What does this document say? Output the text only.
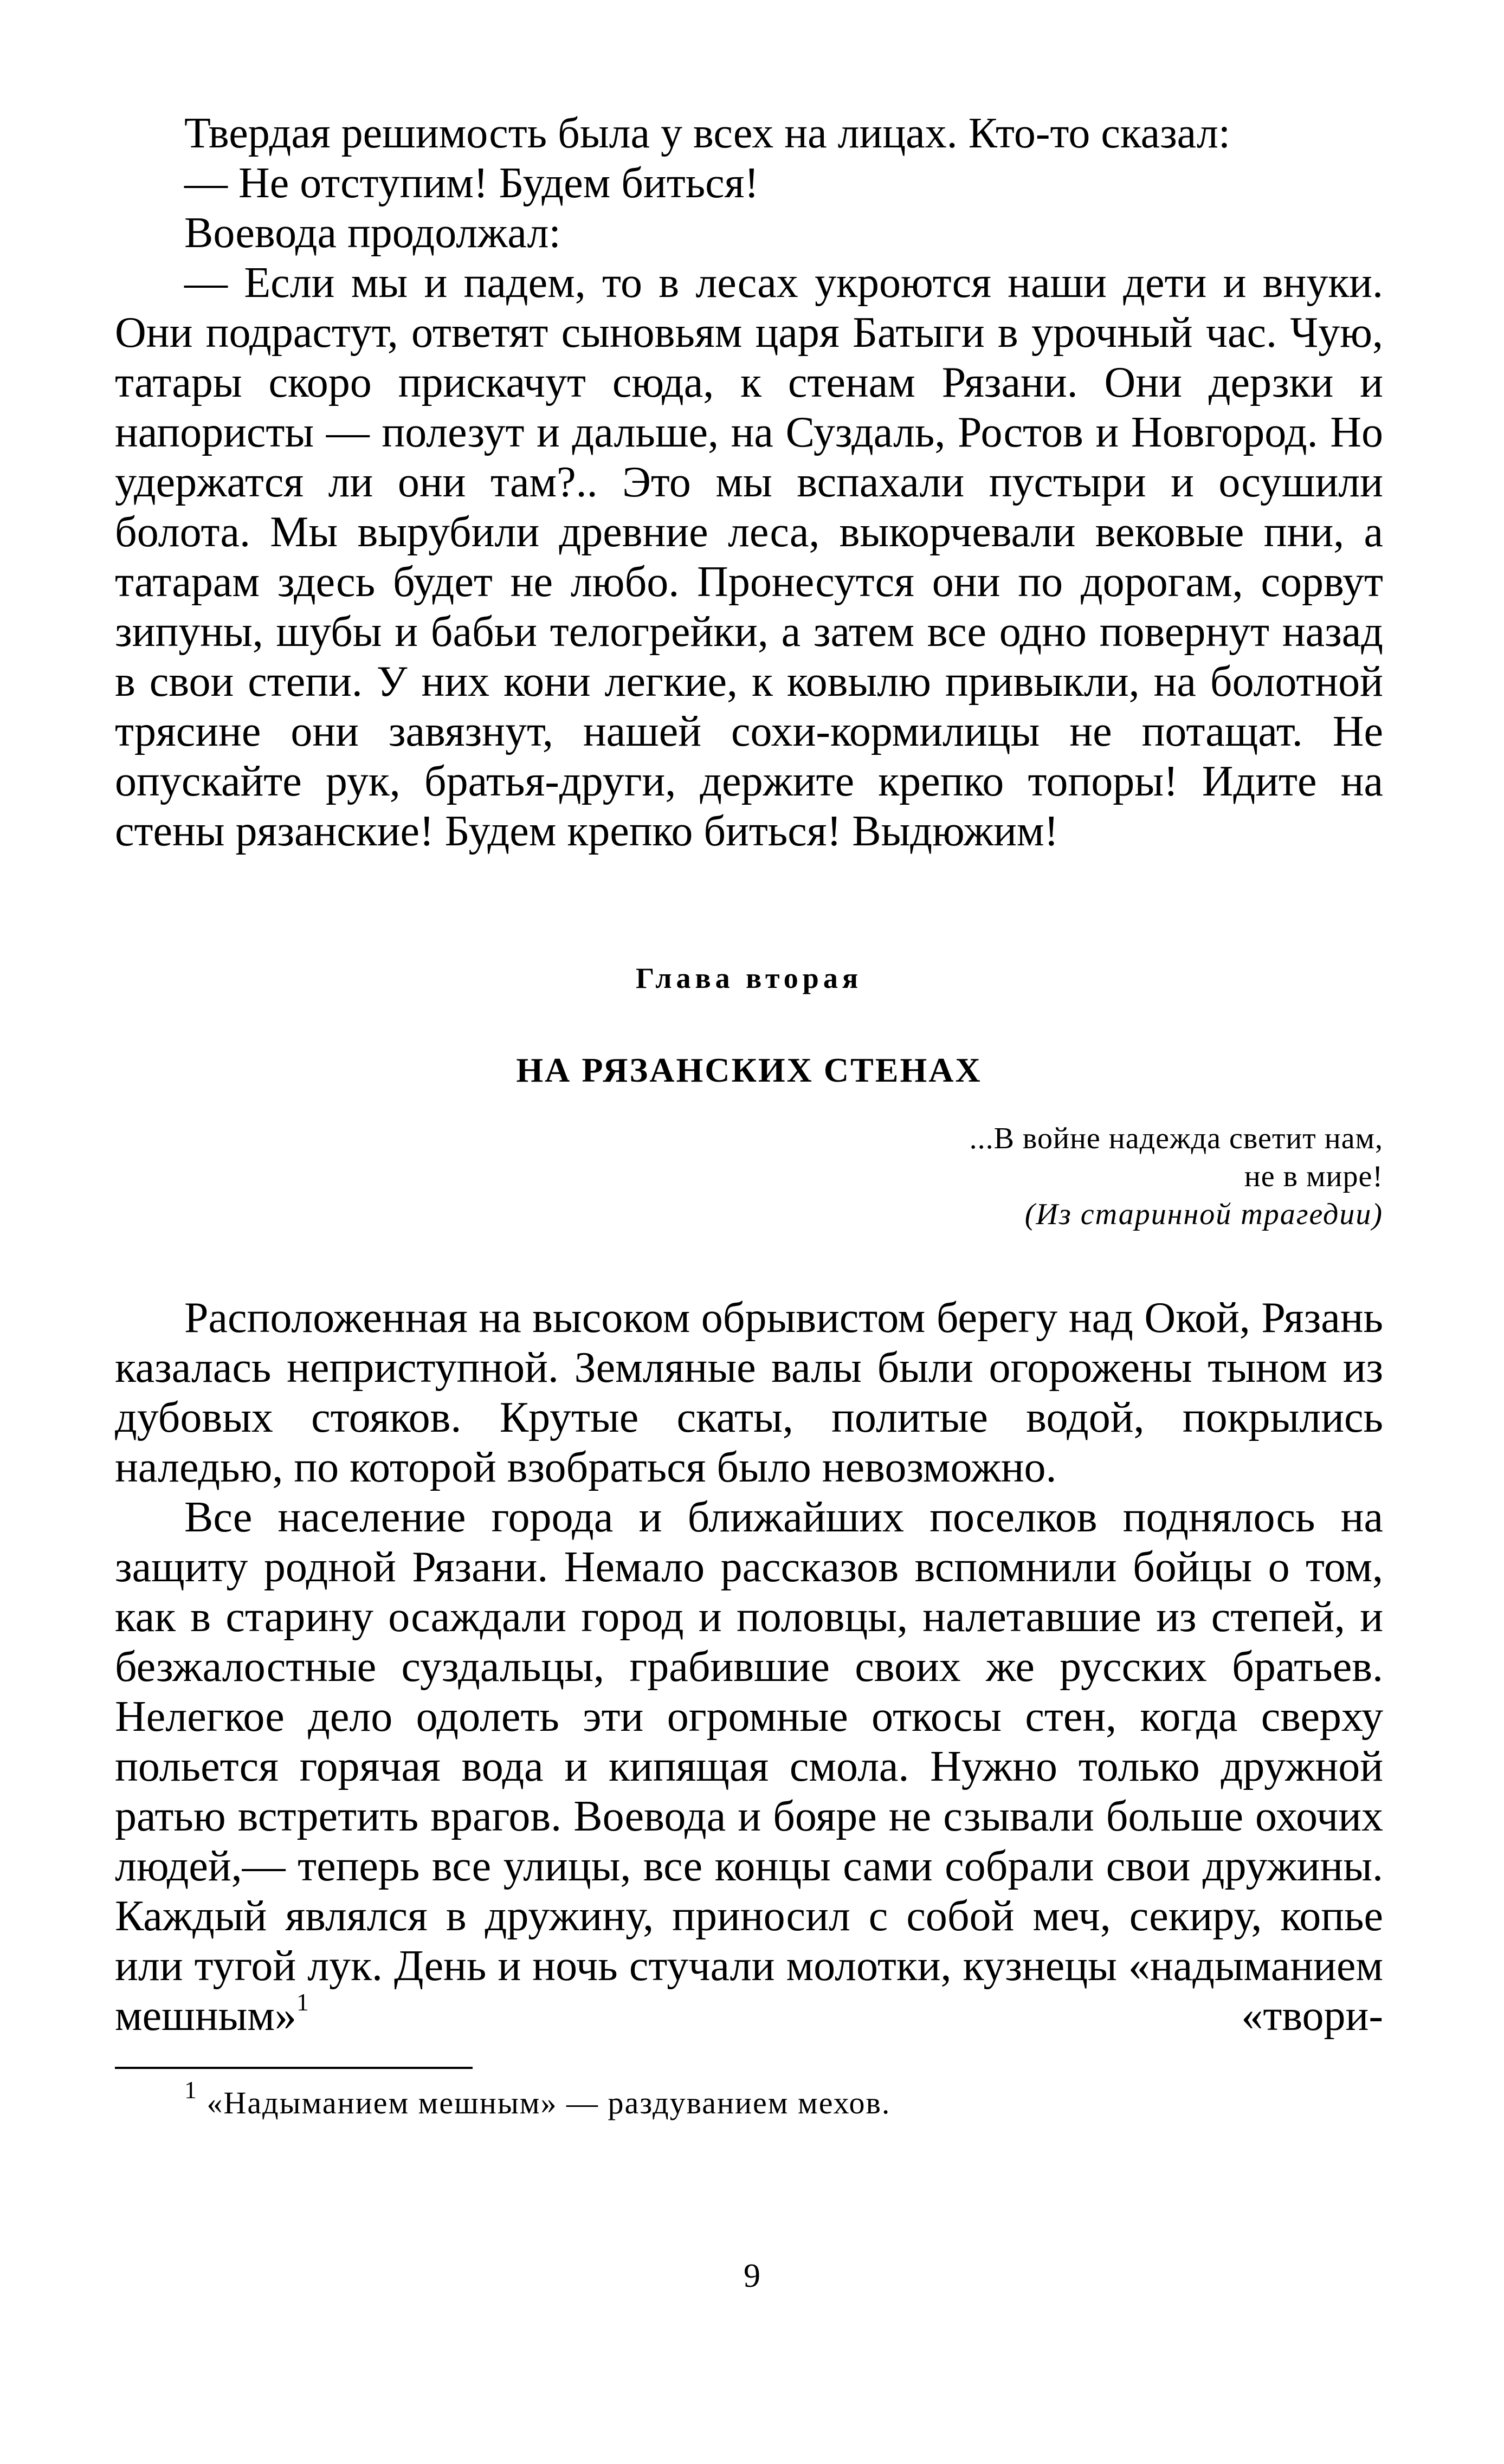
Твердая решимость была у всех на лицах. Кто-то сказал:

— Не отступим! Будем биться!

Воевода продолжал:

— Если мы и падем, то в лесах укроются наши дети и внуки. Они подрастут, ответят сыновьям царя Батыги в урочный час. Чую, татары скоро прискачут сюда, к стенам Рязани. Они дерзки и напористы — полезут и дальше, на Суздаль, Ростов и Новгород. Но удержатся ли они там?.. Это мы вспахали пустыри и осушили болота. Мы вырубили древние леса, выкорчевали вековые пни, а татарам здесь будет не любо. Пронесутся они по дорогам, сорвут зипуны, шубы и бабьи телогрейки, а затем все одно повернут назад в свои степи. У них кони легкие, к ковылю привыкли, на болотной трясине они завязнут, нашей сохи-кормилицы не потащат. Не опускайте рук, братья-други, держите крепко топоры! Идите на стены рязанские! Будем крепко биться! Выдюжим!

Глава вторая
НА РЯЗАНСКИХ СТЕНАХ
...В войне надежда светит нам,
не в мире!
(Из старинной трагедии)

Расположенная на высоком обрывистом берегу над Окой, Рязань казалась неприступной. Земляные валы были огорожены тыном из дубовых стояков. Крутые скаты, политые водой, покрылись наледью, по которой взобраться было невозможно.

Все население города и ближайших поселков поднялось на защиту родной Рязани. Немало рассказов вспомнили бойцы о том, как в старину осаждали город и половцы, налетавшие из степей, и безжалостные суздальцы, грабившие своих же русских братьев. Нелегкое дело одолеть эти огромные откосы стен, когда сверху польется горячая вода и кипящая смола. Нужно только дружной ратью встретить врагов. Воевода и бояре не сзывали больше охочих людей,— теперь все улицы, все концы сами собрали свои дружины. Каждый являлся в дружину, приносил с собой меч, секиру, копье или тугой лук. День и ночь стучали молотки, кузнецы «надыманием мешным»$^1$ «твори-

$^1$ «Надыманием мешным» — раздуванием мехов.
9
